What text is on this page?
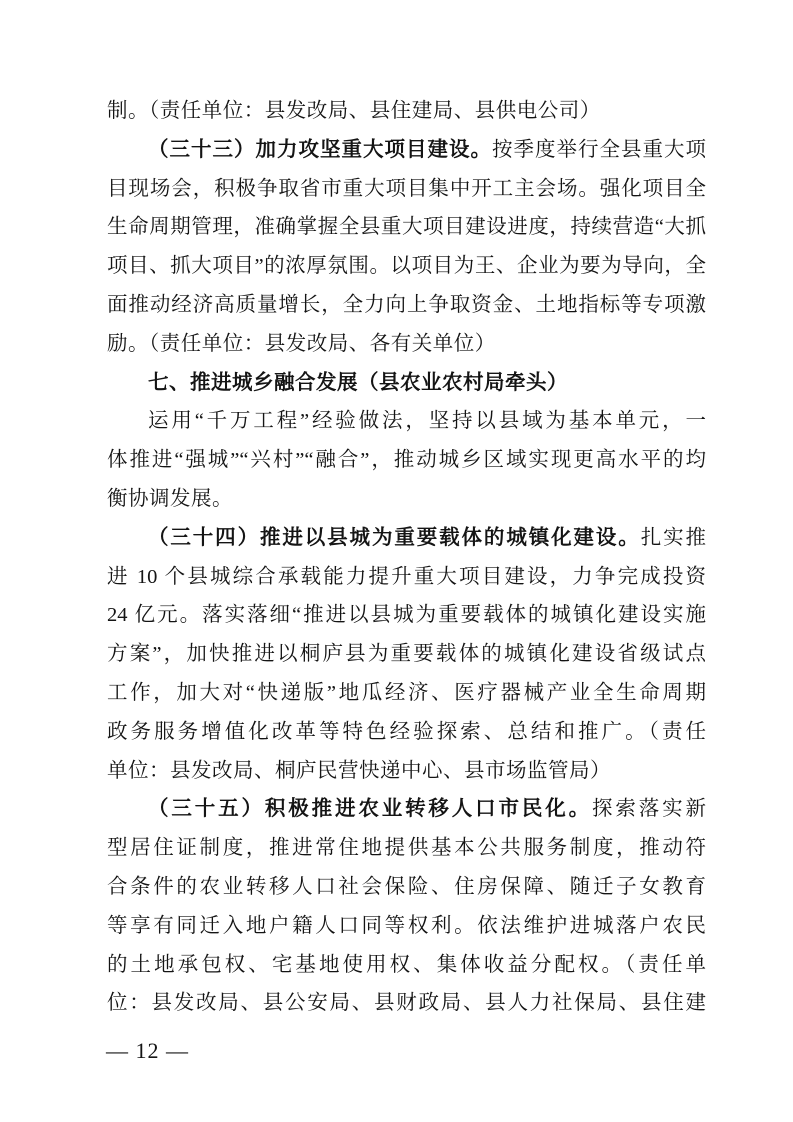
制。（责任单位：县发改局、县住建局、县供电公司）
（三十三）加力攻坚重大项目建设。按季度举行全县重大项
目现场会，积极争取省市重大项目集中开工主会场。强化项目全
生命周期管理，准确掌握全县重大项目建设进度，持续营造“大抓
项目、抓大项目”的浓厚氛围。以项目为王、企业为要为导向，全
面推动经济高质量增长，全力向上争取资金、土地指标等专项激
励。（责任单位：县发改局、各有关单位）
七、推进城乡融合发展（县农业农村局牵头）
运用“千万工程”经验做法，坚持以县域为基本单元，一
体推进“强城”“兴村”“融合”，推动城乡区域实现更高水平的均
衡协调发展。
（三十四）推进以县城为重要载体的城镇化建设。扎实推
进 10 个县城综合承载能力提升重大项目建设，力争完成投资
24 亿元。落实落细“推进以县城为重要载体的城镇化建设实施
方案”，加快推进以桐庐县为重要载体的城镇化建设省级试点
工作，加大对“快递版”地瓜经济、医疗器械产业全生命周期
政务服务增值化改革等特色经验探索、总结和推广。（责任
单位：县发改局、桐庐民营快递中心、县市场监管局）
（三十五）积极推进农业转移人口市民化。探索落实新
型居住证制度，推进常住地提供基本公共服务制度，推动符
合条件的农业转移人口社会保险、住房保障、随迁子女教育
等享有同迁入地户籍人口同等权利。依法维护进城落户农民
的土地承包权、宅基地使用权、集体收益分配权。（责任单
位：县发改局、县公安局、县财政局、县人力社保局、县住建
— 12 —
